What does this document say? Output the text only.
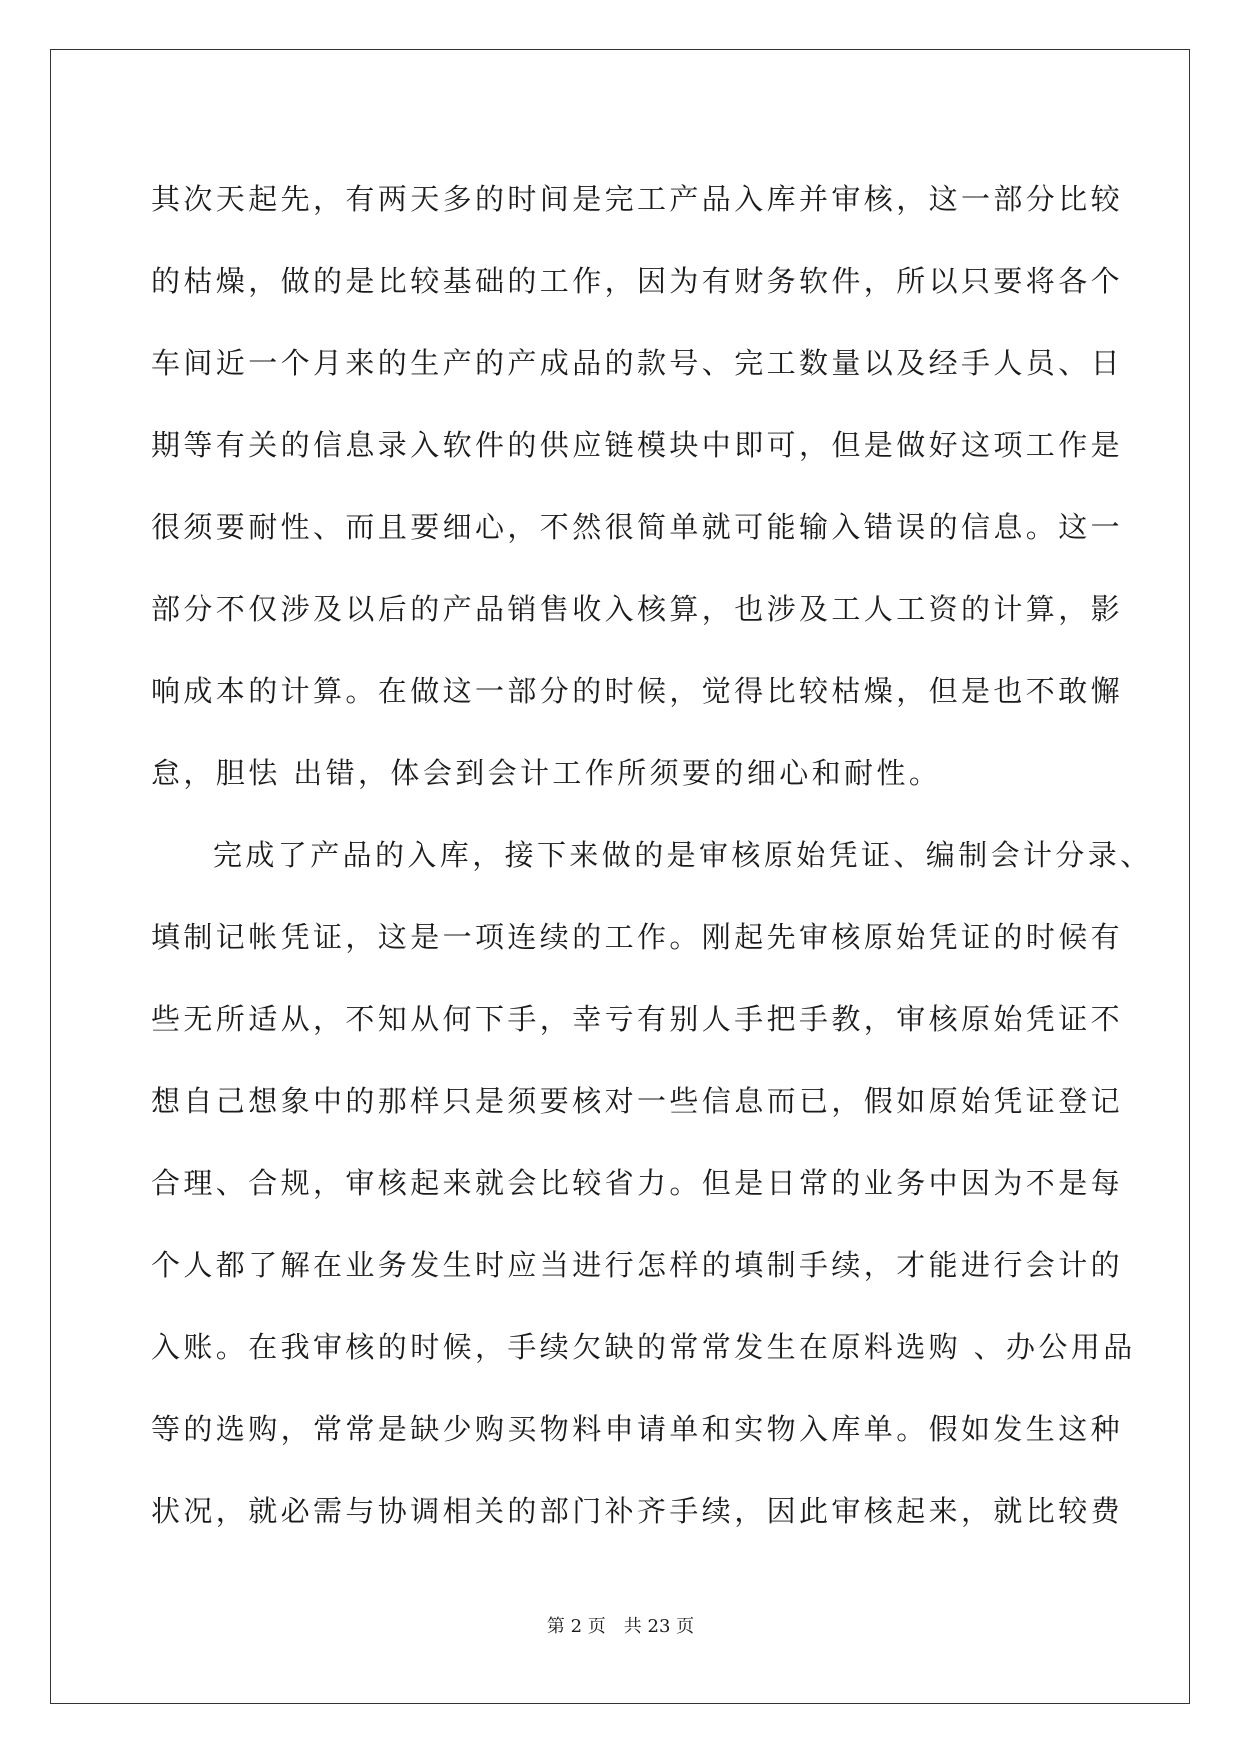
其次天起先，有两天多的时间是完工产品入库并审核，这一部分比较
的枯燥，做的是比较基础的工作，因为有财务软件，所以只要将各个
车间近一个月来的生产的产成品的款号、完工数量以及经手人员、日
期等有关的信息录入软件的供应链模块中即可，但是做好这项工作是
很须要耐性、而且要细心，不然很简单就可能输入错误的信息。这一
部分不仅涉及以后的产品销售收入核算，也涉及工人工资的计算，影
响成本的计算。在做这一部分的时候，觉得比较枯燥，但是也不敢懈
怠，胆怯 出错，体会到会计工作所须要的细心和耐性。
完成了产品的入库，接下来做的是审核原始凭证、编制会计分录、
填制记帐凭证，这是一项连续的工作。刚起先审核原始凭证的时候有
些无所适从，不知从何下手，幸亏有别人手把手教，审核原始凭证不
想自己想象中的那样只是须要核对一些信息而已，假如原始凭证登记
合理、合规，审核起来就会比较省力。但是日常的业务中因为不是每
个人都了解在业务发生时应当进行怎样的填制手续，才能进行会计的
入账。在我审核的时候，手续欠缺的常常发生在原料选购 、办公用品
等的选购，常常是缺少购买物料申请单和实物入库单。假如发生这种
状况，就必需与协调相关的部门补齐手续，因此审核起来，就比较费
第 2 页 共 23 页
